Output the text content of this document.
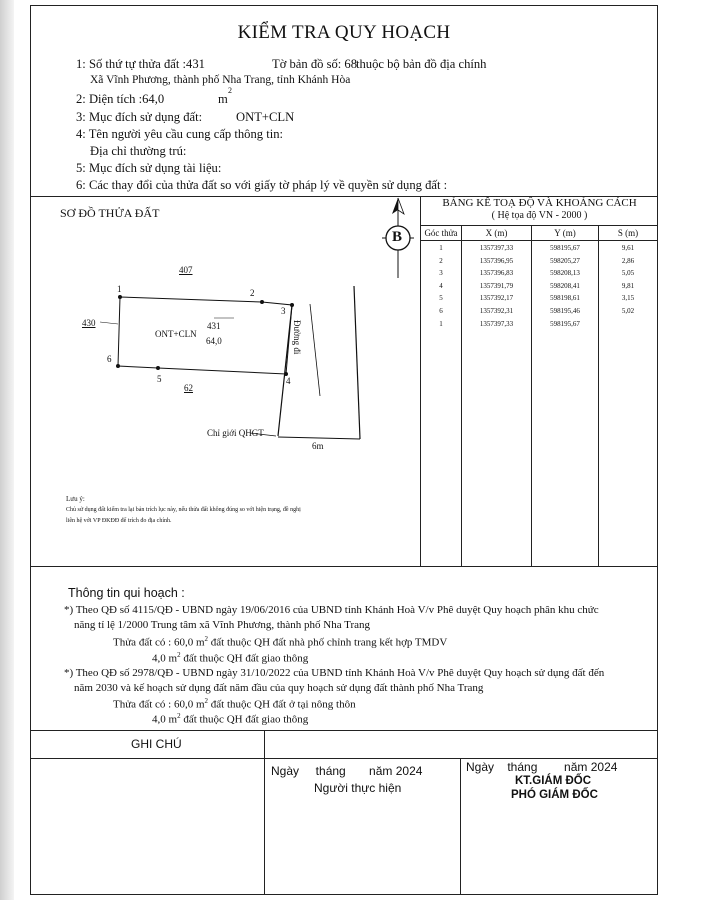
KIỂM TRA QUY HOẠCH
1: Số thứ tự thửa đất :431	Tờ bản đồ số: 68
thuộc bộ bản đồ địa chính
Xã Vĩnh Phương, thành phố Nha Trang, tỉnh Khánh Hòa
2: Diện tích :64,0	m
2
3: Mục đích sử dụng đất:	ONT+CLN
4: Tên người yêu cầu cung cấp thông tin:
Địa chỉ thường trú:
5: Mục đích sử dụng tài liệu:
6: Các thay đổi của thửa đất so với giấy tờ pháp lý về quyền sử dụng đất :
SƠ ĐỒ THỬA ĐẤT
B
407
430
62
ONT+CLN
431
64,0	Đường đi
Chỉ giới QHGT
6m
1	2
3
4
5
6
Lưu ý:
Chủ sử dụng đất kiểm tra lại bản trích lục này, nếu thửa đất không đúng so với hiện trạng, đề nghị
liên hệ với VP ĐKĐĐ để trích đo địa chính.
BẢNG KÊ TOẠ ĐỘ VÀ KHOẢNG CÁCH
( Hệ tọa độ VN - 2000 )
Góc thửa	X (m)	Y (m)	S (m)
1	1357397,33	598195,67	9,61
2	1357396,95	598205,27	2,86
3	1357396,83	598208,13	5,05
4	1357391,79	598208,41	9,81
5	1357392,17	598198,61	3,15
6	1357392,31	598195,46	5,02
1	1357397,33	598195,67
Thông tin qui hoạch :
*) Theo QĐ số 4115/QĐ - UBND ngày 19/06/2016 của UBND tỉnh Khánh Hoà V/v Phê duyệt Quy hoạch phân khu chức
năng tỉ lệ 1/2000 Trung tâm xã Vĩnh Phương, thành phố Nha Trang
Thửa đất có : 60,0 $m^2$ đất thuộc QH đất nhà phố chỉnh trang kết hợp TMDV
4,0 $m^2$ đất thuộc QH đất giao thông
*) Theo QĐ số 2978/QĐ - UBND ngày 31/10/2022 của UBND tỉnh Khánh Hoà V/v Phê duyệt Quy hoạch sử dụng đất đến
năm 2030 và kế hoạch sử dụng đất năm đầu của quy hoạch sử dụng đất thành phố Nha Trang
Thửa đất có : 60,0 $m^2$ đất thuộc QH đất ở tại nông thôn
4,0 $m^2$ đất thuộc QH đất giao thông
GHI CHÚ
Ngày     tháng       năm 2024
Người thực hiện
Ngày    tháng        năm 2024
KT.GIÁM ĐỐC
PHÓ GIÁM ĐỐC
